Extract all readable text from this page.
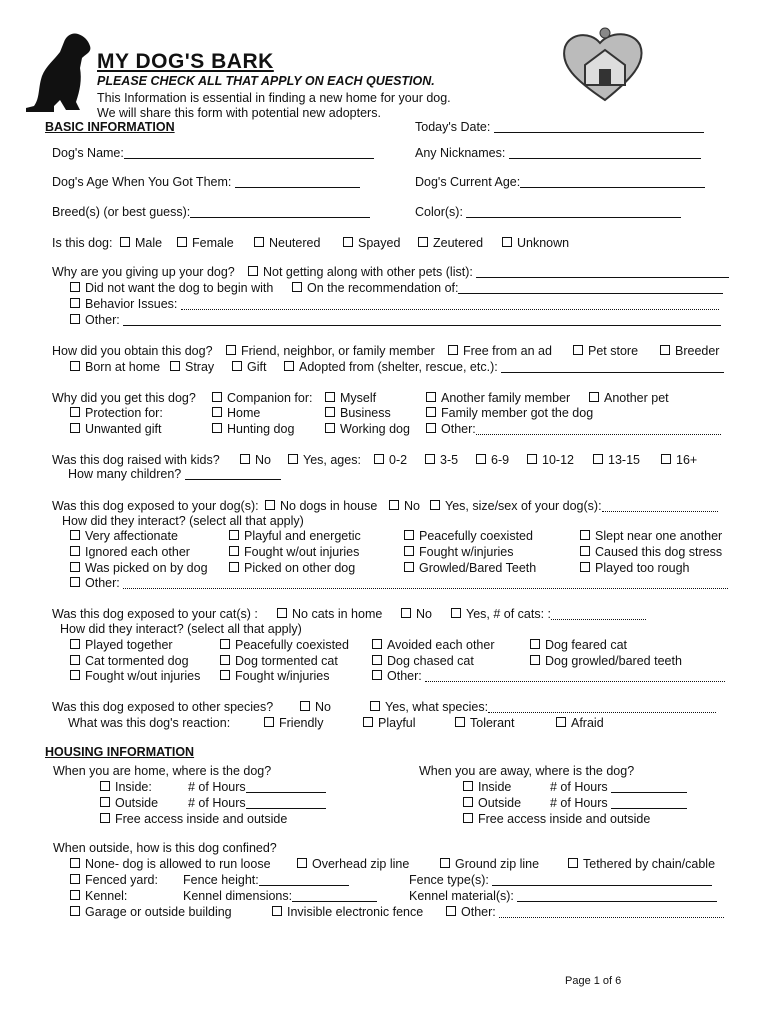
MY DOG'S BARK
PLEASE CHECK ALL THAT APPLY ON EACH QUESTION.
This Information is essential in finding a new home for your dog.
We will share this form with potential new adopters.
BASIC INFORMATION	Today's Date:
Dog's Name:	Any Nicknames:
Dog's Age When You Got Them:	Dog's Current Age:
Breed(s) (or best guess):	Color(s):
Is this dog:	Male	Female	Neutered	Spayed	Zeutered	Unknown
Why are you giving up your dog?	Not getting along with other pets (list):
Did not want the dog to begin with	On the recommendation of:
Behavior Issues:
Other:
How did you obtain this dog?	Friend, neighbor, or family member	Free from an ad	Pet store	Breeder
Born at home	Stray	Gift	Adopted from (shelter, rescue, etc.):
Why did you get this dog?	Companion for:	Myself	Another family member	Another pet
Protection for:	Home	Business	Family member got the dog
Unwanted gift	Hunting dog	Working dog	Other:
Was this dog raised with kids?	No	Yes, ages:	0-2	3-5	6-9	10-12	13-15	16+
How many children?
Was this dog exposed to your dog(s):	No dogs in house	No	Yes, size/sex of your dog(s):
How did they interact? (select all that apply)
Very affectionate	Playful and energetic	Peacefully coexisted	Slept near one another
Ignored each other	Fought w/out injuries	Fought w/injuries	Caused this dog stress
Was picked on by dog	Picked on other dog	Growled/Bared Teeth	Played too rough
Other:
Was this dog exposed to your cat(s) :	No cats in home	No	Yes, # of cats: :
How did they interact? (select all that apply)
Played together	Peacefully coexisted	Avoided each other	Dog feared cat
Cat tormented dog	Dog tormented cat	Dog chased cat	Dog growled/bared teeth
Fought w/out injuries	Fought w/injuries	Other:
Was this dog exposed to other species?	No	Yes, what species:
What was this dog's reaction:	Friendly	Playful	Tolerant	Afraid
HOUSING INFORMATION
When you are home, where is the dog?	When you are away, where is the dog?
Inside:	# of Hours
Outside # of Hours
Free access inside and outside
Inside	# of Hours
Outside # of Hours
Free access inside and outside
When outside, how is this dog confined?
None- dog is allowed to run loose	Overhead zip line	Ground zip line	Tethered by chain/cable
Fenced yard: Fence height:	Fence type(s):
Kennel:	Kennel dimensions:	Kennel material(s):
Garage or outside building	Invisible electronic fence	Other:
Page 1 of 6
